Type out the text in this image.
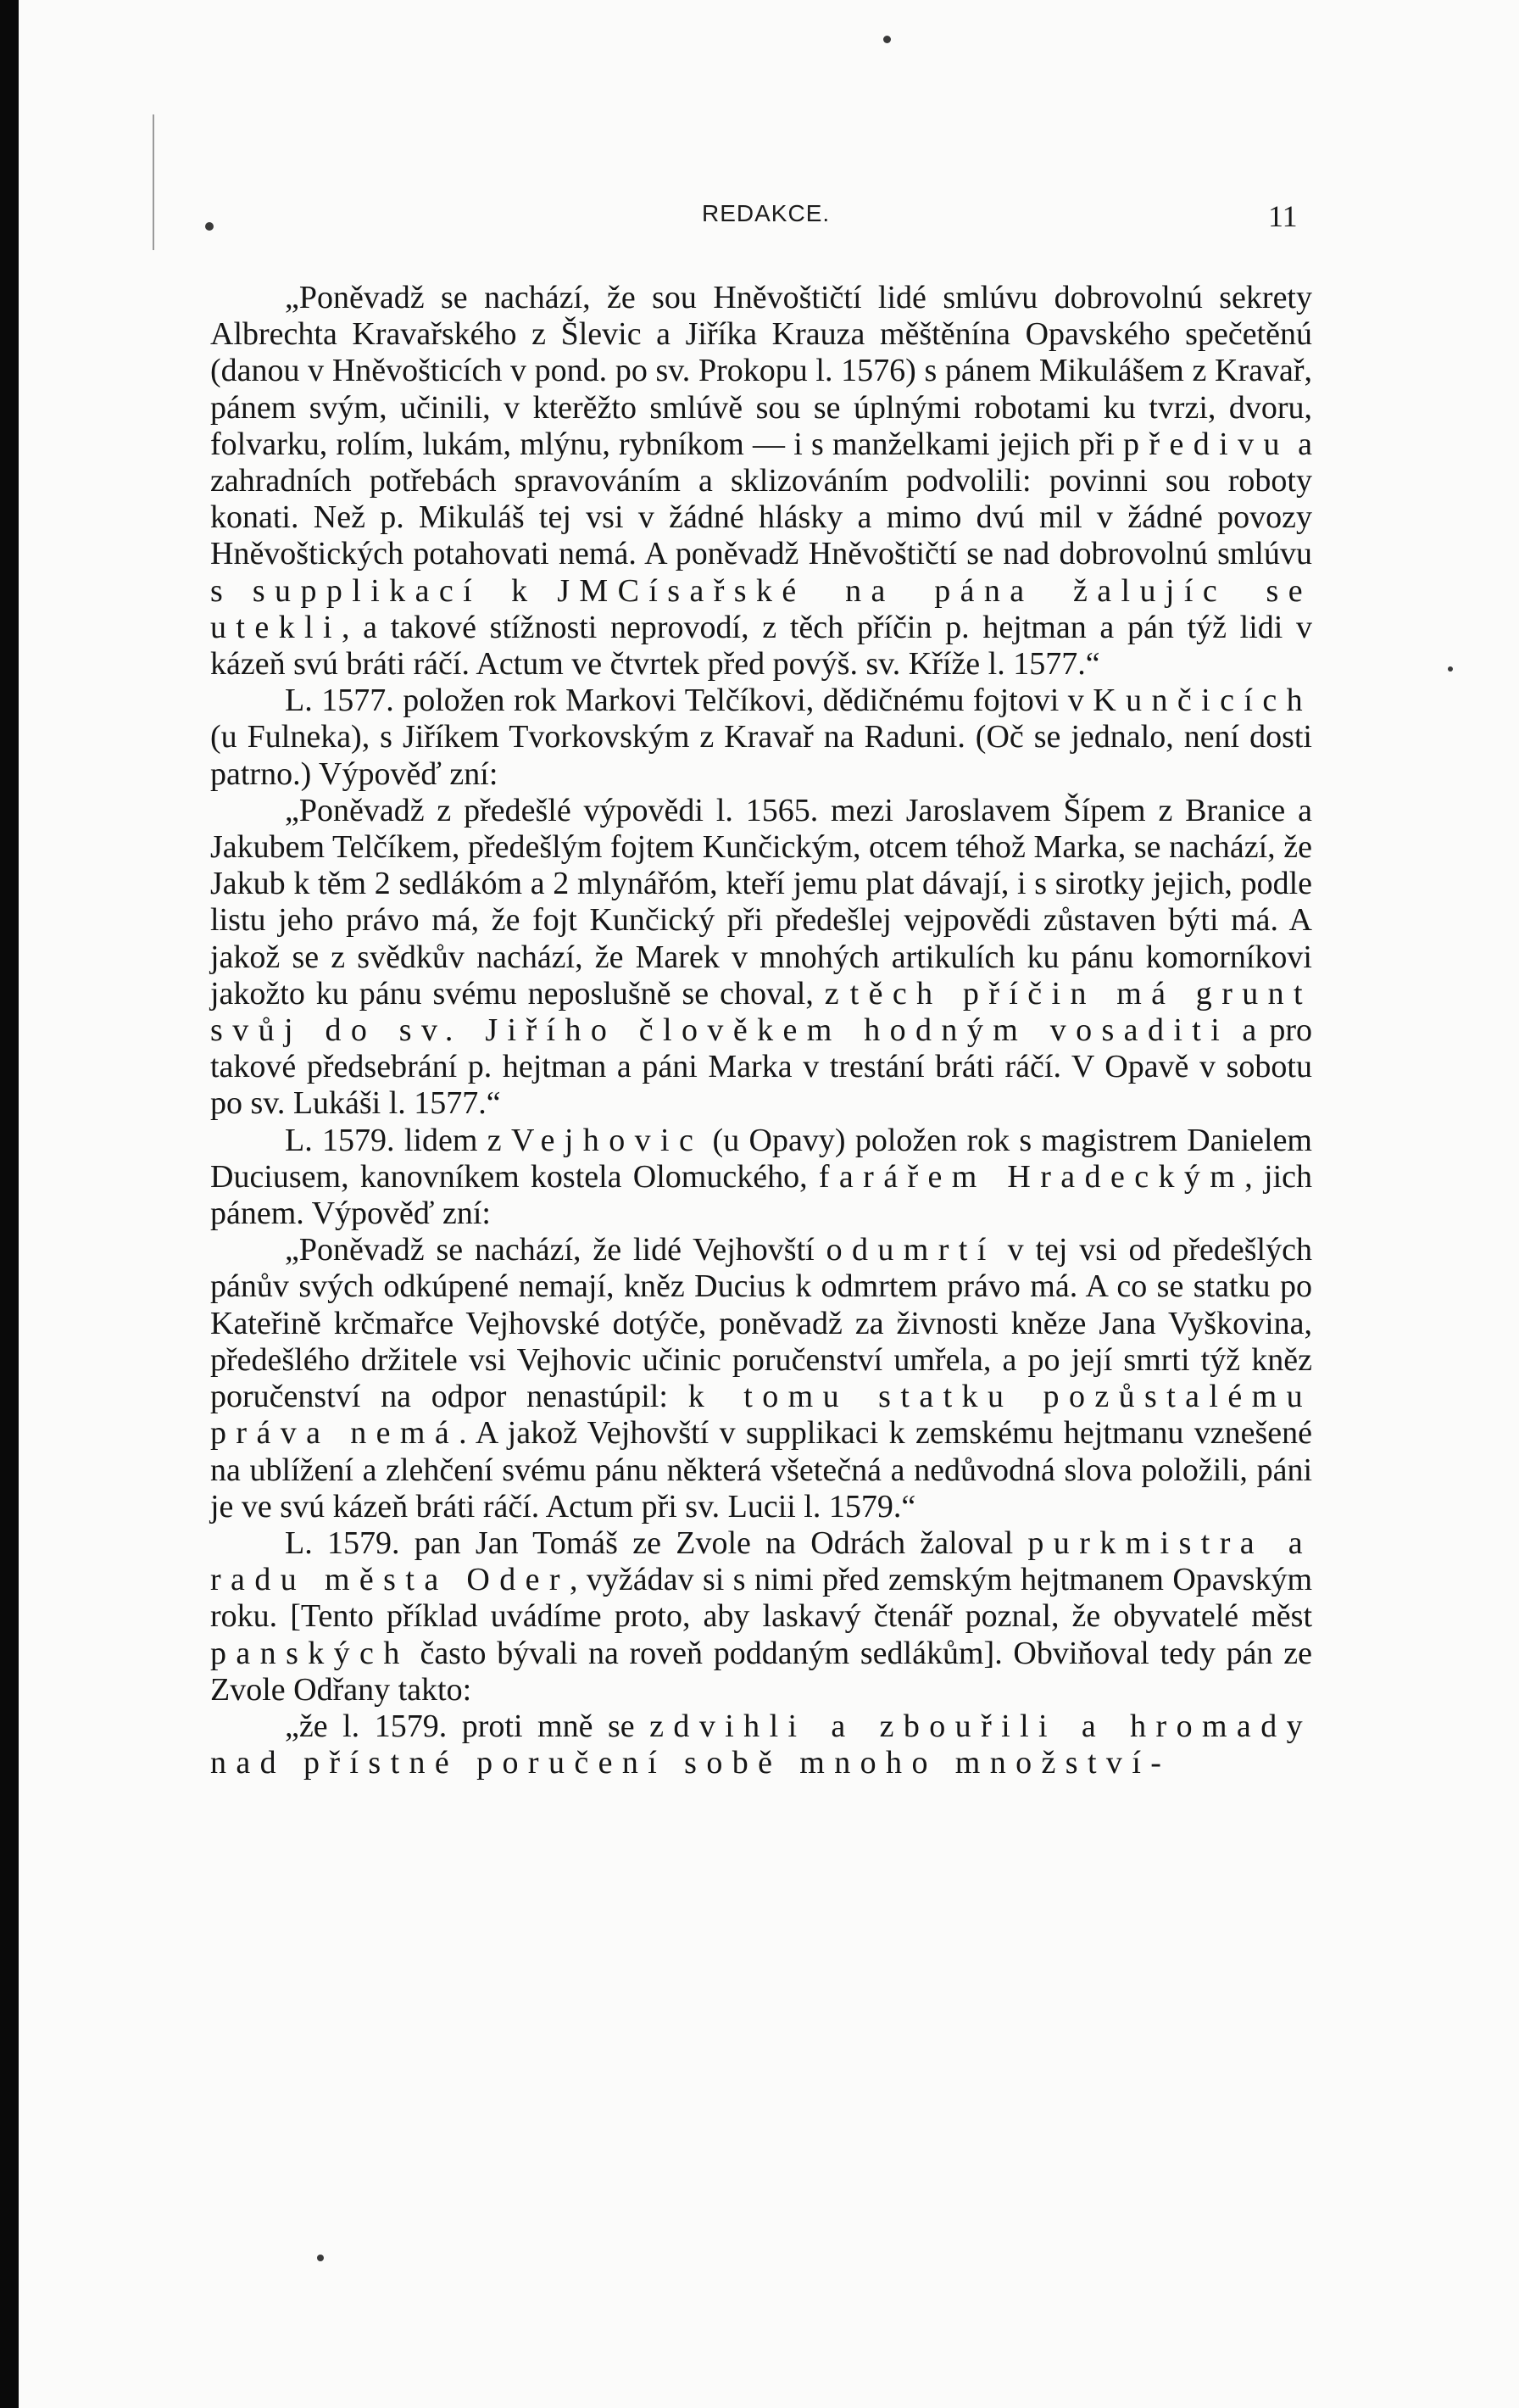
REDAKCE.	11

„Poněvadž se nachází, že sou Hněvoštičtí lidé smlúvu dobrovolnú sekrety Albrechta Kravařského z Šlevic a Jiříka Krauza měštěnína Opavského spečetěnú (danou v Hněvošticích v pond. po sv. Prokopu l. 1576) s pánem Mikulášem z Kravař, pánem svým, učinili, v kterěžto smlúvě sou se úplnými robotami ku tvrzi, dvoru, folvarku, rolím, lukám, mlýnu, rybníkom — i s manželkami jejich při předivu a zahradních potřebách spravováním a sklizováním podvolili: povinni sou roboty konati. Než p. Mikuláš tej vsi v žádné hlásky a mimo dvú mil v žádné povozy Hněvoštických potahovati nemá. A poněvadž Hněvoštičtí se nad dobrovolnú smlúvu s supplikací k JMCísařské na pána žalujíc se utekli, a takové stížnosti neprovodí, z těch příčin p. hejtman a pán týž lidi v kázeň svú bráti ráčí. Actum ve čtvrtek před povýš. sv. Kříže l. 1577.“

L. 1577. položen rok Markovi Telčíkovi, dědičnému fojtovi v Kunčicích (u Fulneka), s Jiříkem Tvorkovským z Kravař na Raduni. (Oč se jednalo, není dosti patrno.) Výpověď zní:

„Poněvadž z předešlé výpovědi l. 1565. mezi Jaroslavem Šípem z Branice a Jakubem Telčíkem, předešlým fojtem Kunčickým, otcem téhož Marka, se nachází, že Jakub k těm 2 sedlákóm a 2 mlynářóm, kteří jemu plat dávají, i s sirotky jejich, podle listu jeho právo má, že fojt Kunčický při předešlej vejpovědi zůstaven býti má. A jakož se z svědkův nachází, že Marek v mnohých artikulích ku pánu komorníkovi jakožto ku pánu svému neposlušně se choval, z těch příčin má grunt svůj do sv. Jiřího člověkem hodným vosaditi a pro takové předsebrání p. hejtman a páni Marka v trestání bráti ráčí. V Opavě v sobotu po sv. Lukáši l. 1577.“

L. 1579. lidem z Vejhovic (u Opavy) položen rok s magistrem Danielem Duciusem, kanovníkem kostela Olomuckého, farářem Hradeckým, jich pánem. Výpověď zní:

„Poněvadž se nachází, že lidé Vejhovští odumrtí v tej vsi od předešlých pánův svých odkúpené nemají, kněz Ducius k odmrtem právo má. A co se statku po Kateřině krčmařce Vejhovské dotýče, poněvadž za živnosti kněze Jana Vyškovina, předešlého držitele vsi Vejhovic učinic poručenství umřela, a po její smrti týž kněz poručenství na odpor nenastúpil: k tomu statku pozůstalému práva nemá. A jakož Vejhovští v supplikaci k zemskému hejtmanu vznešené na ublížení a zlehčení svému pánu některá všetečná a nedůvodná slova položili, páni je ve svú kázeň bráti ráčí. Actum při sv. Lucii l. 1579.“

L. 1579. pan Jan Tomáš ze Zvole na Odrách žaloval purkmistra a radu města Oder, vyžádav si s nimi před zemským hejtmanem Opavským roku. [Tento příklad uvádíme proto, aby laskavý čtenář poznal, že obyvatelé měst panských často bývali na roveň poddaným sedlákům]. Obviňoval tedy pán ze Zvole Odřany takto:

„že l. 1579. proti mně se zdvihli a zbouřili a hromady nad přístné poručení sobě mnoho množství-
